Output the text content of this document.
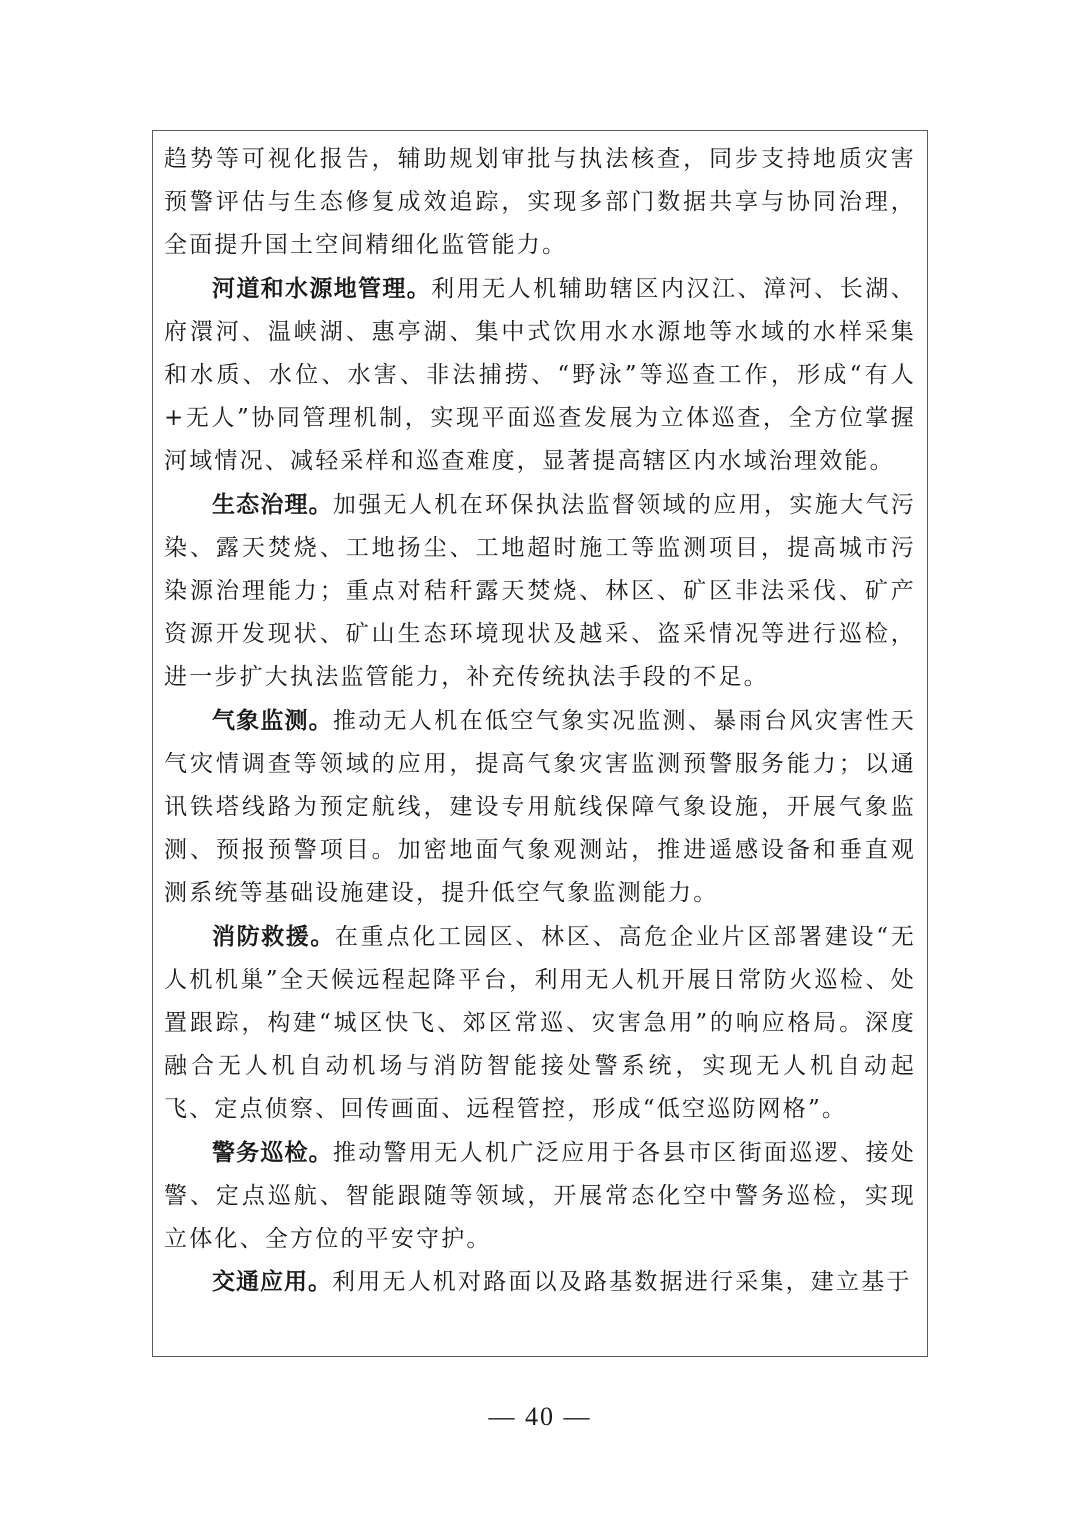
趋势等可视化报告，辅助规划审批与执法核查，同步支持地质灾害预警评估与生态修复成效追踪，实现多部门数据共享与协同治理，全面提升国土空间精细化监管能力。

河道和水源地管理。利用无人机辅助辖区内汉江、漳河、长湖、府澴河、温峡湖、惠亭湖、集中式饮用水水源地等水域的水样采集和水质、水位、水害、非法捕捞、“野泳”等巡查工作，形成“有人+无人”协同管理机制，实现平面巡查发展为立体巡查，全方位掌握河域情况、减轻采样和巡查难度，显著提高辖区内水域治理效能。

生态治理。加强无人机在环保执法监督领域的应用，实施大气污染、露天焚烧、工地扬尘、工地超时施工等监测项目，提高城市污染源治理能力；重点对秸秆露天焚烧、林区、矿区非法采伐、矿产资源开发现状、矿山生态环境现状及越采、盗采情况等进行巡检，进一步扩大执法监管能力，补充传统执法手段的不足。

气象监测。推动无人机在低空气象实况监测、暴雨台风灾害性天气灾情调查等领域的应用，提高气象灾害监测预警服务能力；以通讯铁塔线路为预定航线，建设专用航线保障气象设施，开展气象监测、预报预警项目。加密地面气象观测站，推进遥感设备和垂直观测系统等基础设施建设，提升低空气象监测能力。

消防救援。在重点化工园区、林区、高危企业片区部署建设“无人机机巢”全天候远程起降平台，利用无人机开展日常防火巡检、处置跟踪，构建“城区快飞、郊区常巡、灾害急用”的响应格局。深度融合无人机自动机场与消防智能接处警系统，实现无人机自动起飞、定点侦察、回传画面、远程管控，形成“低空巡防网格”。

警务巡检。推动警用无人机广泛应用于各县市区街面巡逻、接处警、定点巡航、智能跟随等领域，开展常态化空中警务巡检，实现立体化、全方位的平安守护。

交通应用。利用无人机对路面以及路基数据进行采集，建立基于

— 40 —
